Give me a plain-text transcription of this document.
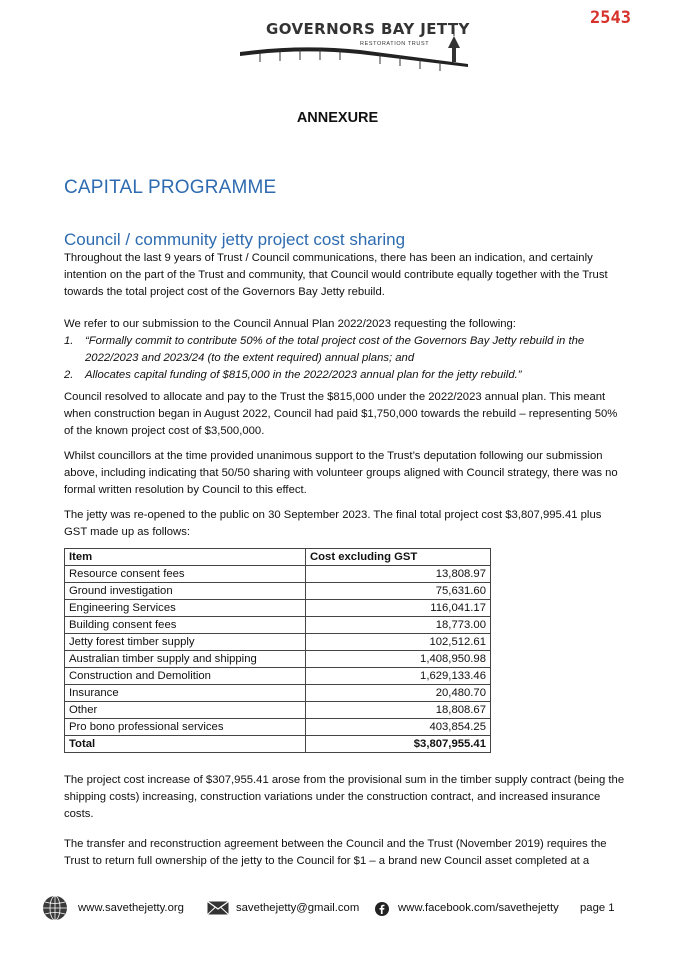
2543
GOVERNORS BAY JETTY
RESTORATION TRUST
ANNEXURE
CAPITAL PROGRAMME
Council / community jetty project cost sharing

Throughout the last 9 years of Trust / Council communications, there has been an indication, and certainly intention on the part of the Trust and community, that Council would contribute equally together with the Trust towards the total project cost of the Governors Bay Jetty rebuild.

We refer to our submission to the Council Annual Plan 2022/2023 requesting the following:

1. “Formally commit to contribute 50% of the total project cost of the Governors Bay Jetty rebuild in the 2022/2023 and 2023/24 (to the extent required) annual plans; and
2. Allocates capital funding of $815,000 in the 2022/2023 annual plan for the jetty rebuild.”

Council resolved to allocate and pay to the Trust the $815,000 under the 2022/2023 annual plan. This meant when construction began in August 2022, Council had paid $1,750,000 towards the rebuild – representing 50% of the known project cost of $3,500,000.

Whilst councillors at the time provided unanimous support to the Trust’s deputation following our submission above, including indicating that 50/50 sharing with volunteer groups aligned with Council strategy, there was no formal written resolution by Council to this effect.

The jetty was re-opened to the public on 30 September 2023. The final total project cost $3,807,995.41 plus GST made up as follows:

Item	Cost excluding GST
Resource consent fees	13,808.97
Ground investigation	75,631.60
Engineering Services	116,041.17
Building consent fees	18,773.00
Jetty forest timber supply	102,512.61
Australian timber supply and shipping	1,408,950.98
Construction and Demolition	1,629,133.46
Insurance	20,480.70
Other	18,808.67
Pro bono professional services	403,854.25
Total	$3,807,955.41

The project cost increase of $307,955.41 arose from the provisional sum in the timber supply contract (being the shipping costs) increasing, construction variations under the construction contract, and increased insurance costs.

The transfer and reconstruction agreement between the Council and the Trust (November 2019) requires the Trust to return full ownership of the jetty to the Council for $1 – a brand new Council asset completed at a

www.savethejetty.org	savethejetty@gmail.com	www.facebook.com/savethejetty page 1
